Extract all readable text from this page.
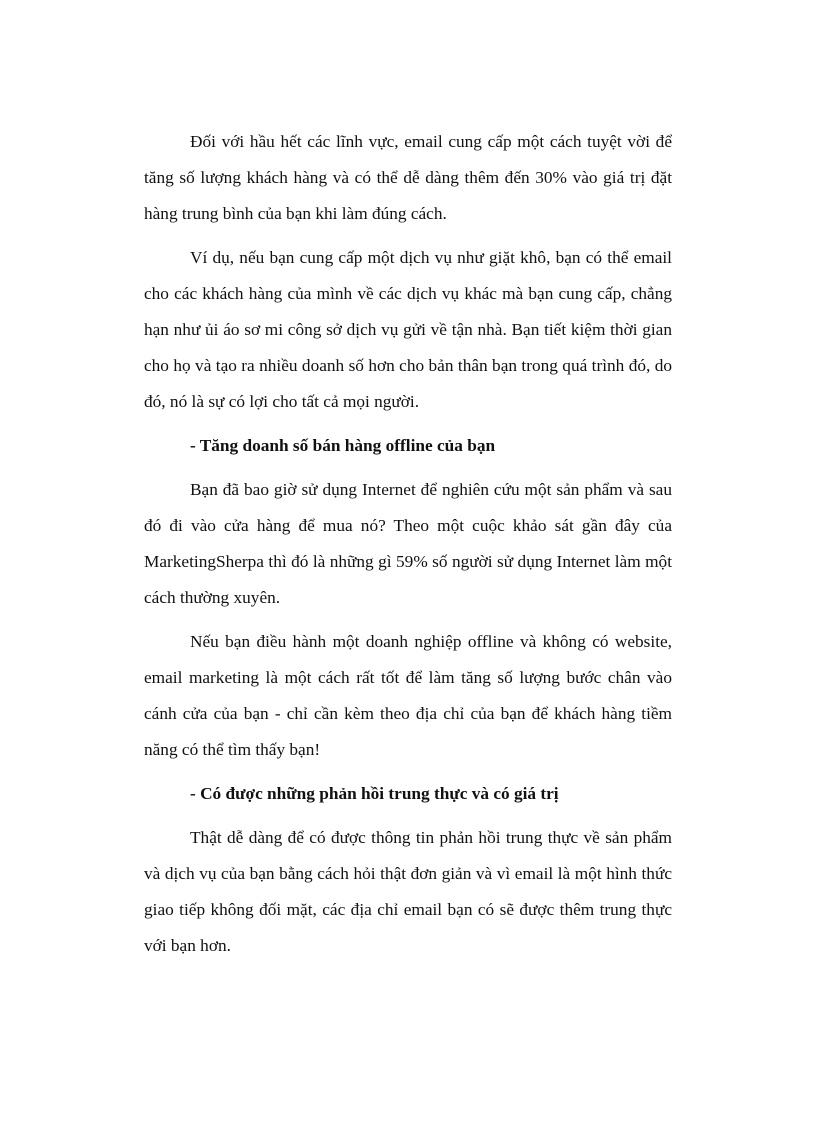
Đối với hầu hết các lĩnh vực, email cung cấp một cách tuyệt vời để tăng số lượng khách hàng và có thể dễ dàng thêm đến 30% vào giá trị đặt hàng trung bình của bạn khi làm đúng cách.

Ví dụ, nếu bạn cung cấp một dịch vụ như giặt khô, bạn có thể email cho các khách hàng của mình về các dịch vụ khác mà bạn cung cấp, chẳng hạn như ủi áo sơ mi công sở dịch vụ gửi về tận nhà. Bạn tiết kiệm thời gian cho họ và tạo ra nhiều doanh số hơn cho bản thân bạn trong quá trình đó, do đó, nó là sự có lợi cho tất cả mọi người.

- Tăng doanh số bán hàng offline của bạn

Bạn đã bao giờ sử dụng Internet để nghiên cứu một sản phẩm và sau đó đi vào cửa hàng để mua nó? Theo một cuộc khảo sát gần đây của MarketingSherpa thì đó là những gì 59% số người sử dụng Internet làm một cách thường xuyên.

Nếu bạn điều hành một doanh nghiệp offline và không có website, email marketing là một cách rất tốt để làm tăng số lượng bước chân vào cánh cửa của bạn - chỉ cần kèm theo địa chỉ của bạn để khách hàng tiềm năng có thể tìm thấy bạn!

- Có được những phản hồi trung thực và có giá trị

Thật dễ dàng để có được thông tin phản hồi trung thực về sản phẩm và dịch vụ của bạn bằng cách hỏi thật đơn giản và vì email là một hình thức giao tiếp không đối mặt, các địa chỉ email bạn có sẽ được thêm trung thực với bạn hơn.
